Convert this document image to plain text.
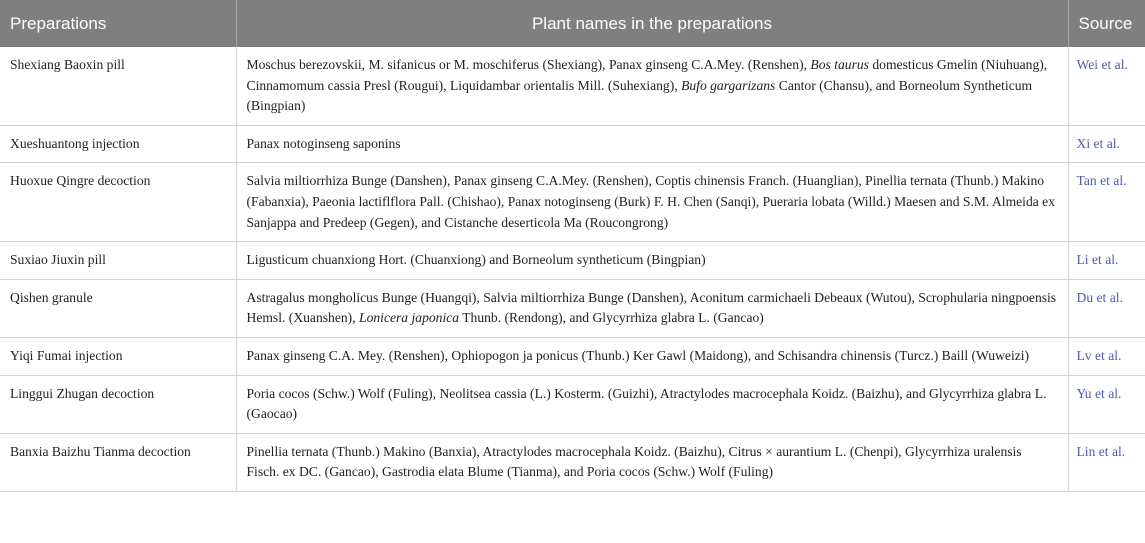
Preparations	Plant names in the preparations	Source
Shexiang Baoxin pill	Moschus berezovskii, M. sifanicus or M. moschiferus (Shexiang), Panax ginseng C.A.Mey. (Renshen), Bos taurus domesticus Gmelin (Niuhuang), Cinnamomum cassia Presl (Rougui), Liquidambar orientalis Mill. (Suhexiang), Bufo gargarizans Cantor (Chansu), and Borneolum Syntheticum (Bingpian)	Wei et al.
Xueshuantong injection	Panax notoginseng saponins	Xi et al.
Huoxue Qingre decoction	Salvia miltiorrhiza Bunge (Danshen), Panax ginseng C.A.Mey. (Renshen), Coptis chinensis Franch. (Huanglian), Pinellia ternata (Thunb.) Makino (Fabanxia), Paeonia lactiflflora Pall. (Chishao), Panax notoginseng (Burk) F. H. Chen (Sanqi), Pueraria lobata (Willd.) Maesen and S.M. Almeida ex Sanjappa and Predeep (Gegen), and Cistanche deserticola Ma (Roucongrong)	Tan et al.
Suxiao Jiuxin pill	Ligusticum chuanxiong Hort. (Chuanxiong) and Borneolum syntheticum (Bingpian)	Li et al.
Qishen granule	Astragalus mongholicus Bunge (Huangqi), Salvia miltiorrhiza Bunge (Danshen), Aconitum carmichaeli Debeaux (Wutou), Scrophularia ningpoensis Hemsl. (Xuanshen), Lonicera japonica Thunb. (Rendong), and Glycyrrhiza glabra L. (Gancao)	Du et al.
Yiqi Fumai injection	Panax ginseng C.A. Mey. (Renshen), Ophiopogon ja ponicus (Thunb.) Ker Gawl (Maidong), and Schisandra chinensis (Turcz.) Baill (Wuweizi)	Lv et al.
Linggui Zhugan decoction	Poria cocos (Schw.) Wolf (Fuling), Neolitsea cassia (L.) Kosterm. (Guizhi), Atractylodes macrocephala Koidz. (Baizhu), and Glycyrrhiza glabra L. (Gaocao)	Yu et al.
Banxia Baizhu Tianma decoction	Pinellia ternata (Thunb.) Makino (Banxia), Atractylodes macrocephala Koidz. (Baizhu), Citrus × aurantium L. (Chenpi), Glycyrrhiza uralensis Fisch. ex DC. (Gancao), Gastrodia elata Blume (Tianma), and Poria cocos (Schw.) Wolf (Fuling)	Lin et al.
